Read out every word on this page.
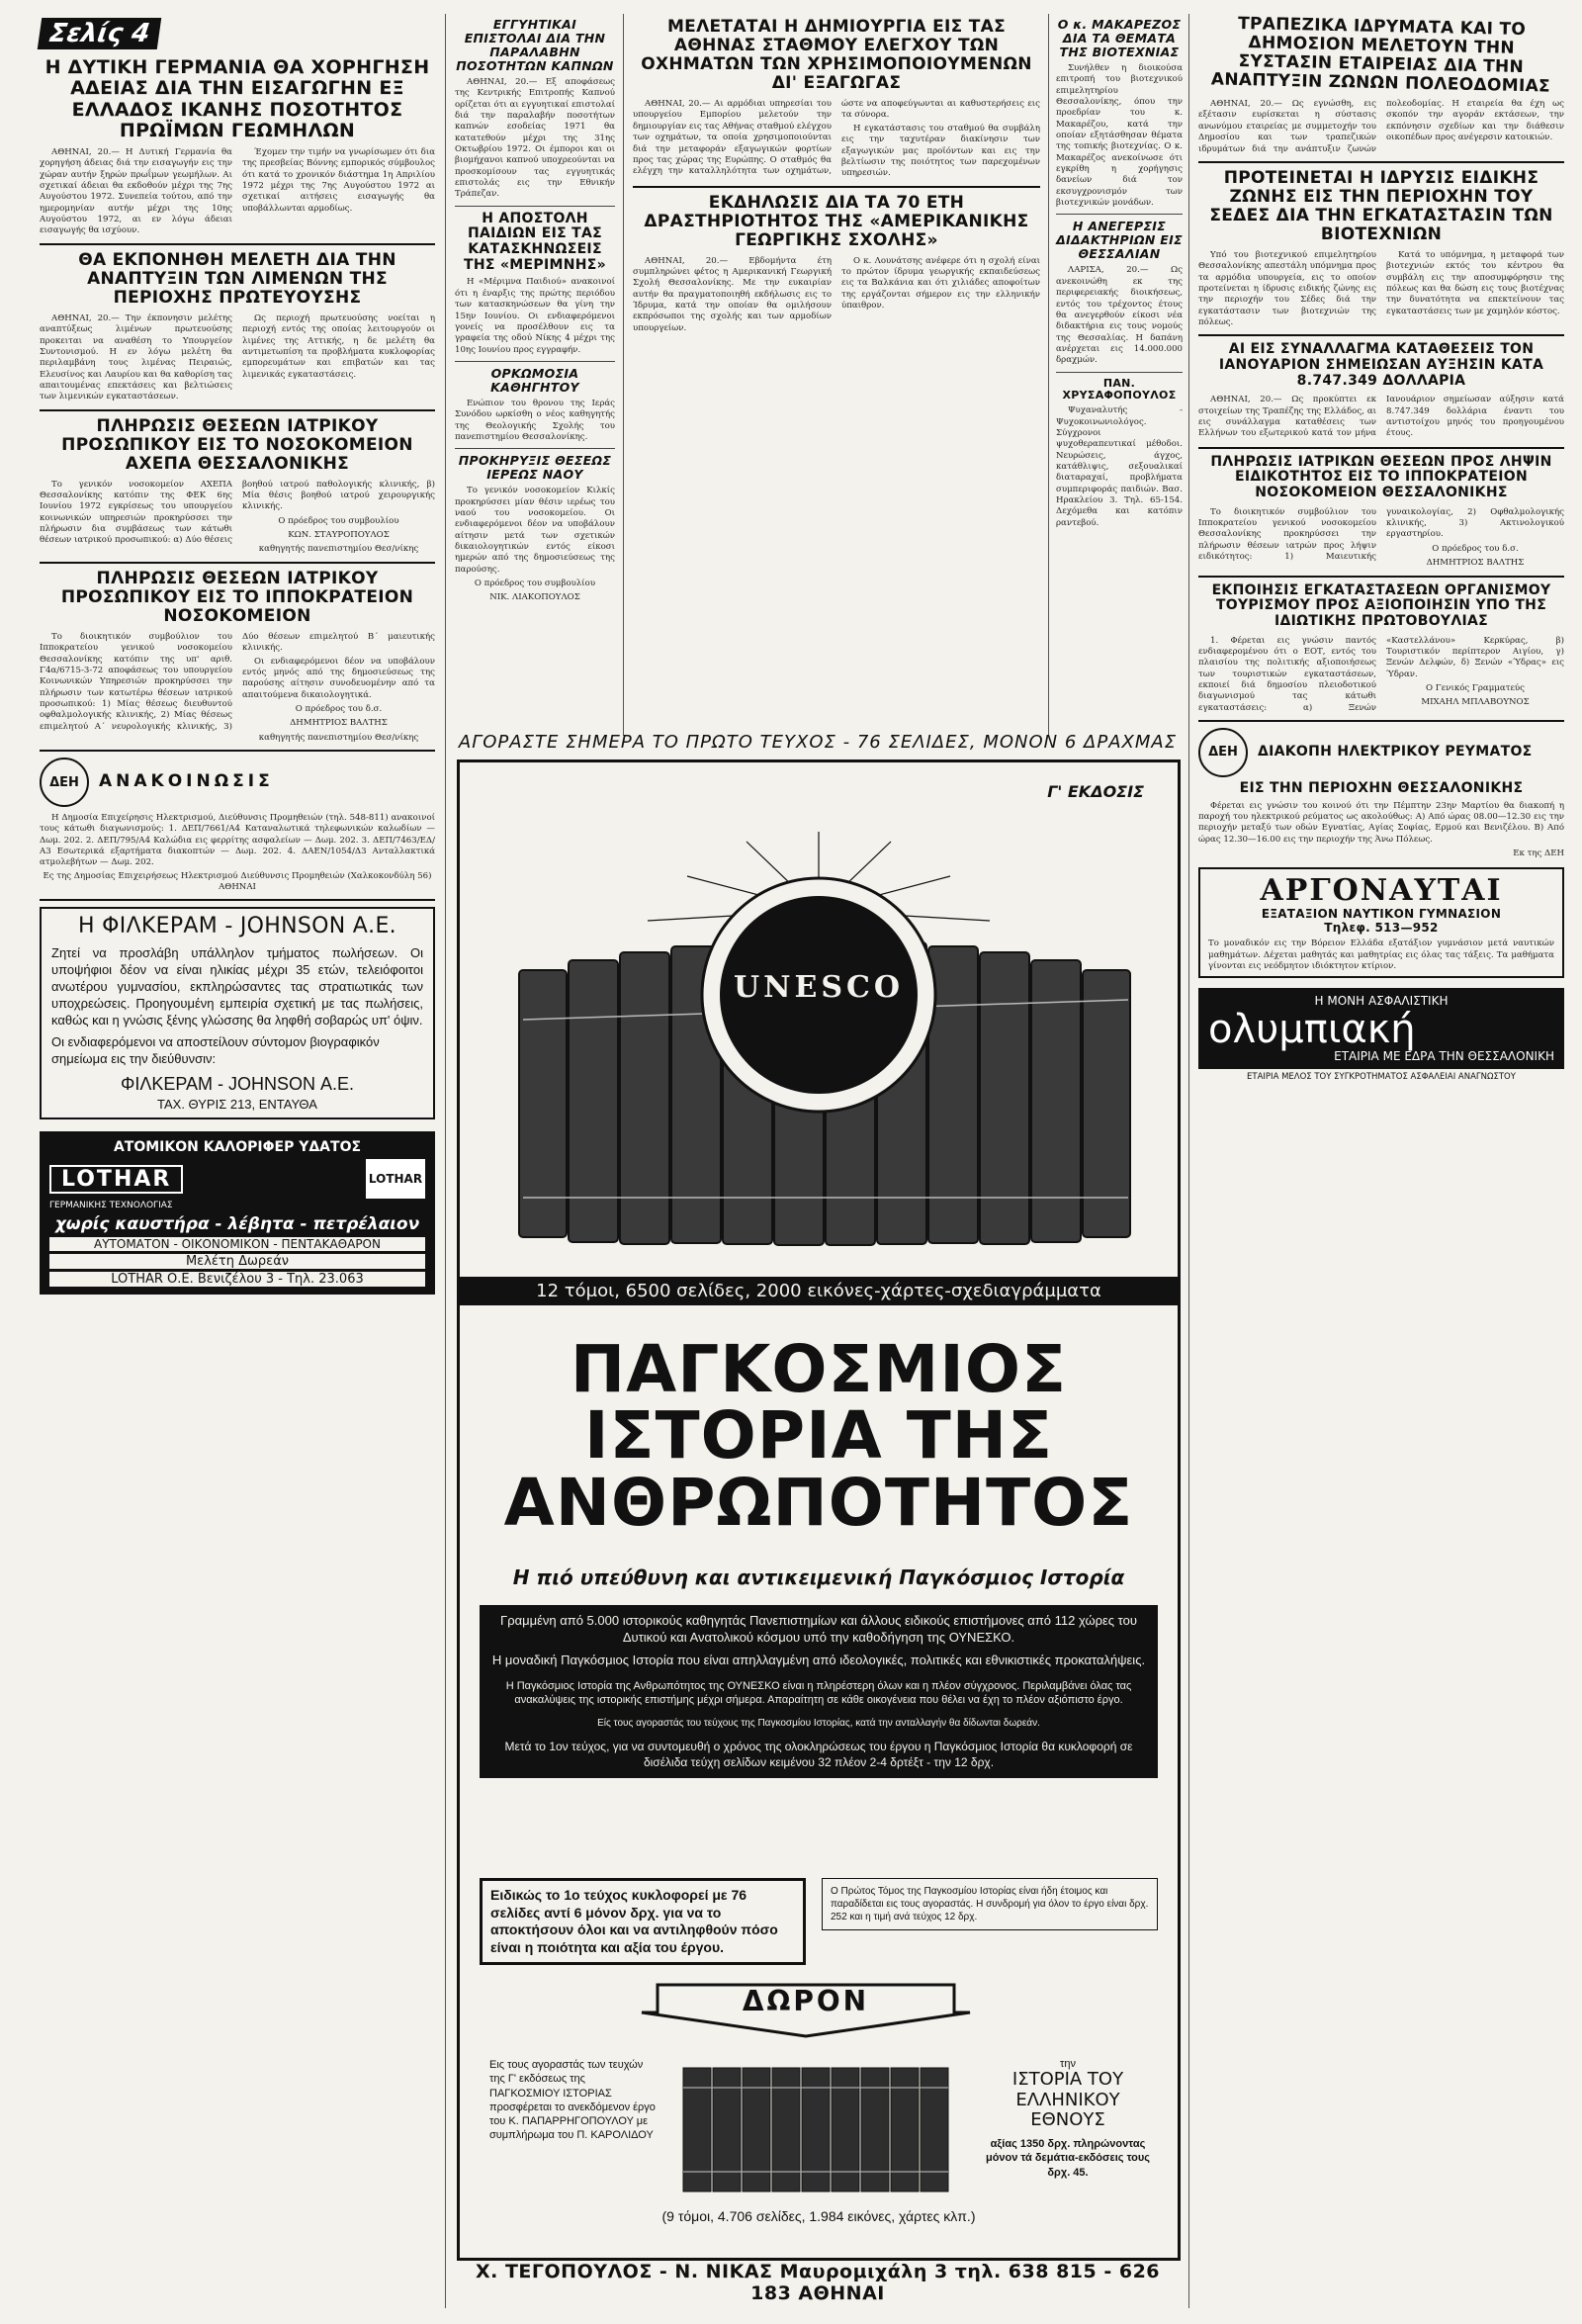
Σελίς 4
Η ΔΥΤΙΚΗ ΓΕΡΜΑΝΙΑ ΘΑ ΧΟΡΗΓΗΣΗ ΑΔΕΙΑΣ ΔΙΑ ΤΗΝ ΕΙΣΑΓΩΓΗΝ ΕΞ ΕΛΛΑΔΟΣ ΙΚΑΝΗΣ ΠΟΣΟΤΗΤΟΣ ΠΡΩΪΜΩΝ ΓΕΩΜΗΛΩΝ

ΑΘΗΝΑΙ, 20.— Η Δυτική Γερμανία θα χορηγήση άδειας διά την εισαγωγήν εις την χώραν αυτήν ξηρών πρωΐμων γεωμήλων. Αι σχετικαί άδειαι θα εκδοθούν μέχρι της 7ης Αυγούστου 1972. Συνεπεία τούτου, από την ημερομηνίαν αυτήν μέχρι της 10ης Αυγούστου 1972, αι εν λόγω άδειαι εισαγωγής θα ισχύουν.

Έχομεν την τιμήν να γνωρίσωμεν ότι δια της πρεσβείας Βόννης εμπορικός σύμβουλος ότι κατά το χρονικόν διάστημα 1η Απριλίου 1972 μέχρι της 7ης Αυγούστου 1972 αι σχετικαί αιτήσεις εισαγωγής θα υποβάλλωνται αρμοδίως.

ΘΑ ΕΚΠΟΝΗΘΗ ΜΕΛΕΤΗ ΔΙΑ ΤΗΝ ΑΝΑΠΤΥΞΙΝ ΤΩΝ ΛΙΜΕΝΩΝ ΤΗΣ ΠΕΡΙΟΧΗΣ ΠΡΩΤΕΥΟΥΣΗΣ

ΑΘΗΝΑΙ, 20.— Την έκπονησιν μελέτης αναπτύξεως λιμένων πρωτευούσης προκειται να αναθέση το Υπουργείον Συντονισμού. Η εν λόγω μελέτη θα περιλαμβάνη τους λιμένας Πειραιώς, Ελευσίνος και Λαυρίου και θα καθορίση τας απαιτουμένας επεκτάσεις και βελτιώσεις των λιμενικών εγκαταστάσεων.

Ως περιοχή πρωτευούσης νοείται η περιοχή εντός της οποίας λειτουργούν οι λιμένες της Αττικής, η δε μελέτη θα αντιμετωπίση τα προβλήματα κυκλοφορίας εμπορευμάτων και επιβατών και τας λιμενικάς εγκαταστάσεις.

ΠΛΗΡΩΣΙΣ ΘΕΣΕΩΝ ΙΑΤΡΙΚΟΥ ΠΡΟΣΩΠΙΚΟΥ ΕΙΣ ΤΟ ΝΟΣΟΚΟΜΕΙΟΝ ΑΧΕΠΑ ΘΕΣΣΑΛΟΝΙΚΗΣ

Το γενικόν νοσοκομείον ΑΧΕΠΑ Θεσσαλονίκης κατόπιν της ΦΕΚ 6ης Ιουνίου 1972 εγκρίσεως του υπουργείου κοινωνικών υπηρεσιών προκηρύσσει την πλήρωσιν δια συμβάσεως των κάτωθι θέσεων ιατρικού προσωπικού: α) Δύο θέσεις βοηθού ιατρού παθολογικής κλινικής, β) Μία θέσις βοηθού ιατρού χειρουργικής κλινικής.

Ο πρόεδρος του συμβουλίου
ΚΩΝ. ΣΤΑΥΡΟΠΟΥΛΟΣ
καθηγητής πανεπιστημίου Θεσ/νίκης
ΠΛΗΡΩΣΙΣ ΘΕΣΕΩΝ ΙΑΤΡΙΚΟΥ ΠΡΟΣΩΠΙΚΟΥ ΕΙΣ ΤΟ ΙΠΠΟΚΡΑΤΕΙΟΝ ΝΟΣΟΚΟΜΕΙΟΝ

Το διοικητικόν συμβούλιον του Ιπποκρατείου γενικού νοσοκομείου Θεσσαλονίκης κατόπιν της υπ' αριθ. Γ4α/6715-3-72 αποφάσεως του υπουργείου Κοινωνικών Υπηρεσιών προκηρύσσει την πλήρωσιν των κατωτέρω θέσεων ιατρικού προσωπικού: 1) Μίας θέσεως διευθυντού οφθαλμολογικής κλινικής, 2) Μίας θέσεως επιμελητού Α΄ νευρολογικής κλινικής, 3) Δύο θέσεων επιμελητού Β΄ μαιευτικής κλινικής.

Οι ενδιαφερόμενοι δέον να υποβάλουν εντός μηνός από της δημοσιεύσεως της παρούσης αίτησιν συνοδευομένην από τα απαιτούμενα δικαιολογητικά.

Ο πρόεδρος του δ.σ.
ΔΗΜΗΤΡΙΟΣ ΒΑΛΤΗΣ
καθηγητής πανεπιστημίου Θεσ/νίκης
ΔΕΗ	ΑΝΑΚΟΙΝΩΣΙΣ

Η Δημοσία Επιχείρησις Ηλεκτρισμού, Διεύθυνσις Προμηθειών (τηλ. 548-811) ανακοινοί τους κάτωθι διαγωνισμούς: 1. ΔΕΠ/7661/Α4 Καταναλωτικά τηλεφωνικών καλωδίων — Δωμ. 202. 2. ΔΕΠ/795/Α4 Καλώδια εις φερρίτης ασφαλείων — Δωμ. 202. 3. ΔΕΠ/7463/ΕΔ/Α3 Εσωτερικά εξαρτήματα διακοπτών — Δωμ. 202. 4. ΔΑΕΝ/1054/Δ3 Ανταλλακτικά ατμολεβήτων — Δωμ. 202.

Ες της Δημοσίας Επιχειρήσεως Ηλεκτρισμού Διεύθυνσις Προμηθειών (Χαλκοκονδύλη 56) ΑΘΗΝΑΙ

Η ΦΙΛΚΕΡΑΜ - JOHNSON Α.Ε.
Ζητεί να προσλάβη υπάλληλον τμήματος πωλήσεων. Οι υποψήφιοι δέον να είναι ηλικίας μέχρι 35 ετών, τελειόφοιτοι ανωτέρου γυμνασίου, εκπληρώσαντες τας στρατιωτικάς των υποχρεώσεις. Προηγουμένη εμπειρία σχετική με τας πωλήσεις, καθώς και η γνώσις ξένης γλώσσης θα ληφθή σοβαρώς υπ' όψιν.
Οι ενδιαφερόμενοι να αποστείλουν σύντομον βιογραφικόν σημείωμα εις την διεύθυνσιν:
ΦΙΛΚΕΡΑΜ - JOHNSON Α.Ε.
ΤΑΧ. ΘΥΡΙΣ 213, ΕΝΤΑΥΘΑ
ΑΤΟΜΙΚΟΝ ΚΑΛΟΡΙΦΕΡ ΥΔΑΤΟΣ
LOTHAR	LOTHAR
ΓΕΡΜΑΝΙΚΗΣ ΤΕΧΝΟΛΟΓΙΑΣ
χωρίς καυστήρα - λέβητα - πετρέλαιον
ΑΥΤΟΜΑΤΟΝ - ΟΙΚΟΝΟΜΙΚΟΝ - ΠΕΝΤΑΚΑΘΑΡΟΝ
Μελέτη Δωρεάν
LOTHAR Ο.Ε. Βενιζέλου 3 - Τηλ. 23.063
ΕΓΓΥΗΤΙΚΑΙ ΕΠΙΣΤΟΛΑΙ ΔΙΑ ΤΗΝ ΠΑΡΑΛΑΒΗΝ ΠΟΣΟΤΗΤΩΝ ΚΑΠΝΩΝ

ΑΘΗΝΑΙ, 20.— Εξ αποφάσεως της Κεντρικής Επιτροπής Καπνού ορίζεται ότι αι εγγυητικαί επιστολαί διά την παραλαβήν ποσοτήτων καπνών εσοδείας 1971 θα κατατεθούν μέχρι της 31ης Οκτωβρίου 1972. Οι έμποροι και οι βιομήχανοι καπνού υποχρεούνται να προσκομίσουν τας εγγυητικάς επιστολάς εις την Εθνικήν Τράπεζαν.

Η ΑΠΟΣΤΟΛΗ ΠΑΙΔΙΩΝ ΕΙΣ ΤΑΣ ΚΑΤΑΣΚΗΝΩΣΕΙΣ ΤΗΣ «ΜΕΡΙΜΝΗΣ»

Η «Μέριμνα Παιδιού» ανακοινοί ότι η έναρξις της πρώτης περιόδου των κατασκηνώσεων θα γίνη την 15ην Ιουνίου. Οι ενδιαφερόμενοι γονείς να προσέλθουν εις τα γραφεία της οδού Νίκης 4 μέχρι της 10ης Ιουνίου προς εγγραφήν.

ΟΡΚΩΜΟΣΙΑ ΚΑΘΗΓΗΤΟΥ

Ενώπιον του θρονου της Ιεράς Συνόδου ωρκίσθη ο νέος καθηγητής της Θεολογικής Σχολής του πανεπιστημίου Θεσσαλονίκης.

ΠΡΟΚΗΡΥΞΙΣ ΘΕΣΕΩΣ ΙΕΡΕΩΣ ΝΑΟΥ

Το γενικόν νοσοκομείον Κιλκίς προκηρύσσει μίαν θέσιν ιερέως του ναού του νοσοκομείου. Οι ενδιαφερόμενοι δέον να υποβάλουν αίτησιν μετά των σχετικών δικαιολογητικών εντός είκοσι ημερών από της δημοσιεύσεως της παρούσης.

Ο πρόεδρος του συμβουλίου
ΝΙΚ. ΛΙΑΚΟΠΟΥΛΟΣ
ΜΕΛΕΤΑΤΑΙ Η ΔΗΜΙΟΥΡΓΙΑ ΕΙΣ ΤΑΣ ΑΘΗΝΑΣ ΣΤΑΘΜΟΥ ΕΛΕΓΧΟΥ ΤΩΝ ΟΧΗΜΑΤΩΝ ΤΩΝ ΧΡΗΣΙΜΟΠΟΙΟΥΜΕΝΩΝ ΔΙ' ΕΞΑΓΩΓΑΣ

ΑΘΗΝΑΙ, 20.— Αι αρμόδιαι υπηρεσίαι του υπουργείου Εμπορίου μελετούν την δημιουργίαν εις τας Αθήνας σταθμού ελέγχου των οχημάτων, τα οποία χρησιμοποιούνται διά την μεταφοράν εξαγωγικών φορτίων προς τας χώρας της Ευρώπης. Ο σταθμός θα ελέγχη την καταλληλότητα των οχημάτων, ώστε να αποφεύγωνται αι καθυστερήσεις εις τα σύνορα.

Η εγκατάστασις του σταθμού θα συμβάλη εις την ταχυτέραν διακίνησιν των εξαγωγικών μας προϊόντων και εις την βελτίωσιν της ποιότητος των παρεχομένων υπηρεσιών.

ΕΚΔΗΛΩΣΙΣ ΔΙΑ ΤΑ 70 ΕΤΗ ΔΡΑΣΤΗΡΙΟΤΗΤΟΣ ΤΗΣ «ΑΜΕΡΙΚΑΝΙΚΗΣ ΓΕΩΡΓΙΚΗΣ ΣΧΟΛΗΣ»

ΑΘΗΝΑΙ, 20.— Εβδομήντα έτη συμπληρώνει φέτος η Αμερικανική Γεωργική Σχολή Θεσσαλονίκης. Με την ευκαιρίαν αυτήν θα πραγματοποιηθή εκδήλωσις εις το Ίδρυμα, κατά την οποίαν θα ομιλήσουν εκπρόσωποι της σχολής και των αρμοδίων υπουργείων.

Ο κ. Λουνάτσης ανέφερε ότι η σχολή είναι το πρώτον ίδρυμα γεωργικής εκπαιδεύσεως εις τα Βαλκάνια και ότι χιλιάδες αποφοίτων της εργάζονται σήμερον εις την ελληνικήν ύπαιθρον.

Ο κ. ΜΑΚΑΡΕΖΟΣ ΔΙΑ ΤΑ ΘΕΜΑΤΑ ΤΗΣ ΒΙΟΤΕΧΝΙΑΣ

Συνήλθεν η διοικούσα επιτροπή του βιοτεχνικού επιμελητηρίου Θεσσαλονίκης, όπου την προεδρίαν του κ. Μακαρέζου, κατά την οποίαν εξητάσθησαν θέματα της τοπικής βιοτεχνίας. Ο κ. Μακαρέζος ανεκοίνωσε ότι εγκρίθη η χορήγησις δανείων διά τον εκσυγχρονισμόν των βιοτεχνικών μονάδων.

Η ΑΝΕΓΕΡΣΙΣ ΔΙΔΑΚΤΗΡΙΩΝ ΕΙΣ ΘΕΣΣΑΛΙΑΝ

ΛΑΡΙΣΑ, 20.— Ως ανεκοινώθη εκ της περιφερειακής διοικήσεως, εντός του τρέχοντος έτους θα ανεγερθούν είκοσι νέα διδακτήρια εις τους νομούς της Θεσσαλίας. Η δαπάνη ανέρχεται εις 14.000.000 δραχμών.

ΠΑΝ. ΧΡΥΣΑΦΟΠΟΥΛΟΣ

Ψυχαναλυτής - Ψυχοκοινωνιολόγος. Σύγχρονοι ψυχοθεραπευτικαί μέθοδοι. Νευρώσεις, άγχος, κατάθλιψις, σεξουαλικαί διαταραχαί, προβλήματα συμπεριφοράς παιδιών. Βασ. Ηρακλείου 3. Τηλ. 65-154. Δεχόμεθα και κατόπιν ραντεβού.

ΤΡΑΠΕΖΙΚΑ ΙΔΡΥΜΑΤΑ ΚΑΙ ΤΟ ΔΗΜΟΣΙΟΝ ΜΕΛΕΤΟΥΝ ΤΗΝ ΣΥΣΤΑΣΙΝ ΕΤΑΙΡΕΙΑΣ ΔΙΑ ΤΗΝ ΑΝΑΠΤΥΞΙΝ ΖΩΝΩΝ ΠΟΛΕΟΔΟΜΙΑΣ

ΑΘΗΝΑΙ, 20.— Ως εγνώσθη, εις εξέτασιν ευρίσκεται η σύστασις ανωνύμου εταιρείας με συμμετοχήν του Δημοσίου και των τραπεζικών ιδρυμάτων διά την ανάπτυξιν ζωνών πολεοδομίας. Η εταιρεία θα έχη ως σκοπόν την αγοράν εκτάσεων, την εκπόνησιν σχεδίων και την διάθεσιν οικοπέδων προς ανέγερσιν κατοικιών.

ΠΡΟΤΕΙΝΕΤΑΙ Η ΙΔΡΥΣΙΣ ΕΙΔΙΚΗΣ ΖΩΝΗΣ ΕΙΣ ΤΗΝ ΠΕΡΙΟΧΗΝ ΤΟΥ ΣΕΔΕΣ ΔΙΑ ΤΗΝ ΕΓΚΑΤΑΣΤΑΣΙΝ ΤΩΝ ΒΙΟΤΕΧΝΙΩΝ

Υπό του βιοτεχνικού επιμελητηρίου Θεσσαλονίκης απεστάλη υπόμνημα προς τα αρμόδια υπουργεία, εις το οποίον προτείνεται η ίδρυσις ειδικής ζώνης εις την περιοχήν του Σέδες διά την εγκατάστασιν των βιοτεχνιών της πόλεως.

Κατά το υπόμνημα, η μεταφορά των βιοτεχνιών εκτός του κέντρου θα συμβάλη εις την αποσυμφόρησιν της πόλεως και θα δώση εις τους βιοτέχνας την δυνατότητα να επεκτείνουν τας εγκαταστάσεις των με χαμηλόν κόστος.

ΑΙ ΕΙΣ ΣΥΝΑΛΛΑΓΜΑ ΚΑΤΑΘΕΣΕΙΣ ΤΟΝ ΙΑΝΟΥΑΡΙΟΝ ΣΗΜΕΙΩΣΑΝ ΑΥΞΗΣΙΝ ΚΑΤΑ 8.747.349 ΔΟΛΛΑΡΙΑ

ΑΘΗΝΑΙ, 20.— Ως προκύπτει εκ στοιχείων της Τραπέζης της Ελλάδος, αι εις συνάλλαγμα καταθέσεις των Ελλήνων του εξωτερικού κατά τον μήνα Ιανουάριον σημείωσαν αύξησιν κατά 8.747.349 δολλάρια έναντι του αντιστοίχου μηνός του προηγουμένου έτους.

ΠΛΗΡΩΣΙΣ ΙΑΤΡΙΚΩΝ ΘΕΣΕΩΝ ΠΡΟΣ ΛΗΨΙΝ ΕΙΔΙΚΟΤΗΤΟΣ ΕΙΣ ΤΟ ΙΠΠΟΚΡΑΤΕΙΟΝ ΝΟΣΟΚΟΜΕΙΟΝ ΘΕΣΣΑΛΟΝΙΚΗΣ

Το διοικητικόν συμβούλιον του Ιπποκρατείου γενικού νοσοκομείου Θεσσαλονίκης προκηρύσσει την πλήρωσιν θέσεων ιατρών προς λήψιν ειδικότητος: 1) Μαιευτικής γυναικολογίας, 2) Οφθαλμολογικής κλινικής, 3) Ακτινολογικού εργαστηρίου.

Ο πρόεδρος του δ.σ.
ΔΗΜΗΤΡΙΟΣ ΒΑΛΤΗΣ
ΕΚΠΟΙΗΣΙΣ ΕΓΚΑΤΑΣΤΑΣΕΩΝ ΟΡΓΑΝΙΣΜΟΥ ΤΟΥΡΙΣΜΟΥ ΠΡΟΣ ΑΞΙΟΠΟΙΗΣΙΝ ΥΠΟ ΤΗΣ ΙΔΙΩΤΙΚΗΣ ΠΡΩΤΟΒΟΥΛΙΑΣ

1. Φέρεται εις γνώσιν παντός ενδιαφερομένου ότι ο ΕΟΤ, εντός του πλαισίου της πολιτικής αξιοποιήσεως των τουριστικών εγκαταστάσεων, εκποιεί διά δημοσίου πλειοδοτικού διαγωνισμού τας κάτωθι εγκαταστάσεις: α) Ξενών «Καστελλάνου» Κερκύρας, β) Τουριστικόν περίπτερον Αιγίου, γ) Ξενών Δελφών, δ) Ξενών «Ύδρας» εις Ύδραν.

Ο Γενικός Γραμματεύς
ΜΙΧΑΗΛ ΜΠΛΑΒΟΥΝΟΣ
ΔΕΗ	ΔΙΑΚΟΠΗ ΗΛΕΚΤΡΙΚΟΥ ΡΕΥΜΑΤΟΣ
ΕΙΣ ΤΗΝ ΠΕΡΙΟΧΗΝ ΘΕΣΣΑΛΟΝΙΚΗΣ

Φέρεται εις γνώσιν του κοινού ότι την Πέμπτην 23ην Μαρτίου θα διακοπή η παροχή του ηλεκτρικού ρεύματος ως ακολούθως: Α) Από ώρας 08.00—12.30 εις την περιοχήν μεταξύ των οδών Εγνατίας, Αγίας Σοφίας, Ερμού και Βενιζέλου. Β) Από ώρας 12.30—16.00 εις την περιοχήν της Άνω Πόλεως.

Εκ της ΔΕΗ
ΑΡΓΟΝΑΥΤΑΙ
ΕΞΑΤΑΞΙΟΝ ΝΑΥΤΙΚΟΝ ΓΥΜΝΑΣΙΟΝ
Τηλεφ. 513—952
Το μοναδικόν εις την Βόρειον Ελλάδα εξατάξιον γυμνάσιον μετά ναυτικών μαθημάτων. Δέχεται μαθητάς και μαθητρίας εις όλας τας τάξεις. Τα μαθήματα γίνονται εις νεόδμητον ιδιόκτητον κτίριον.
Η ΜΟΝΗ ΑΣΦΑΛΙΣΤΙΚΗ
ολυμπιακή
ΕΤΑΙΡΙΑ ΜΕ ΕΔΡΑ ΤΗΝ ΘΕΣΣΑΛΟΝΙΚΗ
ΕΤΑΙΡΙΑ ΜΕΛΟΣ ΤΟΥ ΣΥΓΚΡΟΤΗΜΑΤΟΣ ΑΣΦΑΛΕΙΑΙ ΑΝΑΓΝΩΣΤΟΥ
ΑΓΟΡΑΣΤΕ ΣΗΜΕΡΑ ΤΟ ΠΡΩΤΟ ΤΕΥΧΟΣ - 76 ΣΕΛΙΔΕΣ, ΜΟΝΟΝ 6 ΔΡΑΧΜΑΣ
Γ' ΕΚΔΟΣΙΣ
UNESCO
12 τόμοι, 6500 σελίδες, 2000 εικόνες-χάρτες-σχεδιαγράμματα
ΠΑΓΚΟΣΜΙΟΣ
ΙΣΤΟΡΙΑ ΤΗΣ
ΑΝΘΡΩΠΟΤΗΤΟΣ
Η πιό υπεύθυνη και αντικειμενική Παγκόσμιος Ιστορία
Γραμμένη από 5.000 ιστορικούς καθηγητάς Πανεπιστημίων και άλλους ειδικούς επιστήμονες από 112 χώρες του Δυτικού και Ανατολικού κόσμου υπό την καθοδήγηση της ΟΥΝΕΣΚΟ.
Η μοναδική Παγκόσμιος Ιστορία που είναι απηλλαγμένη από ιδεολογικές, πολιτικές και εθνικιστικές προκαταλήψεις.
Η Παγκόσμιος Ιστορία της Ανθρωπότητος της ΟΥΝΕΣΚΟ είναι η πληρέστερη όλων και η πλέον σύγχρονος. Περιλαμβάνει όλας τας ανακαλύψεις της ιστορικής επιστήμης μέχρι σήμερα. Απαραίτητη σε κάθε οικογένεια που θέλει να έχη το πλέον αξιόπιστο έργο.
Είς τους αγοραστάς του τεύχους της Παγκοσμίου Ιστορίας, κατά την ανταλλαγήν θα δίδωνται δωρεάν.
Μετά το 1ον τεύχος, για να συντομευθή ο χρόνος της ολοκληρώσεως του έργου η Παγκόσμιος Ιστορία θα κυκλοφορή σε δισέλιδα τεύχη σελίδων κειμένου 32 πλέον 2-4 δρτέξτ - την 12 δρχ.
Ειδικώς το 1ο τεύχος κυκλοφορεί με 76 σελίδες αντί 6 μόνον δρχ. για να το αποκτήσουν όλοι και να αντιληφθούν πόσο είναι η ποιότητα και αξία του έργου.
Ο Πρώτος Τόμος της Παγκοσμίου Ιστορίας είναι ήδη έτοιμος και παραδίδεται εις τους αγοραστάς. Η συνδρομή για όλον το έργο είναι δρχ. 252 και η τιμή ανά τεύχος 12 δρχ.
ΔΩΡΟΝ
Εις τους αγοραστάς των τευχών της Γ' εκδόσεως της ΠΑΓΚΟΣΜΙΟΥ ΙΣΤΟΡΙΑΣ προσφέρεται το ανεκδόμενον έργο του Κ. ΠΑΠΑΡΡΗΓΟΠΟΥΛΟΥ με συμπλήρωμα του Π. ΚΑΡΟΛΙΔΟΥ
την
ΙΣΤΟΡΙΑ ΤΟΥ ΕΛΛΗΝΙΚΟΥ ΕΘΝΟΥΣ
αξίας 1350 δρχ. πληρώνοντας μόνον τά δεμάτια-εκδόσεις τους δρχ. 45.
(9 τόμοι, 4.706 σελίδες, 1.984 εικόνες, χάρτες κλπ.)
Χ. ΤΕΓΟΠΟΥΛΟΣ - Ν. ΝΙΚΑΣ Μαυρομιχάλη 3 τηλ. 638 815 - 626 183 ΑΘΗΝΑΙ
